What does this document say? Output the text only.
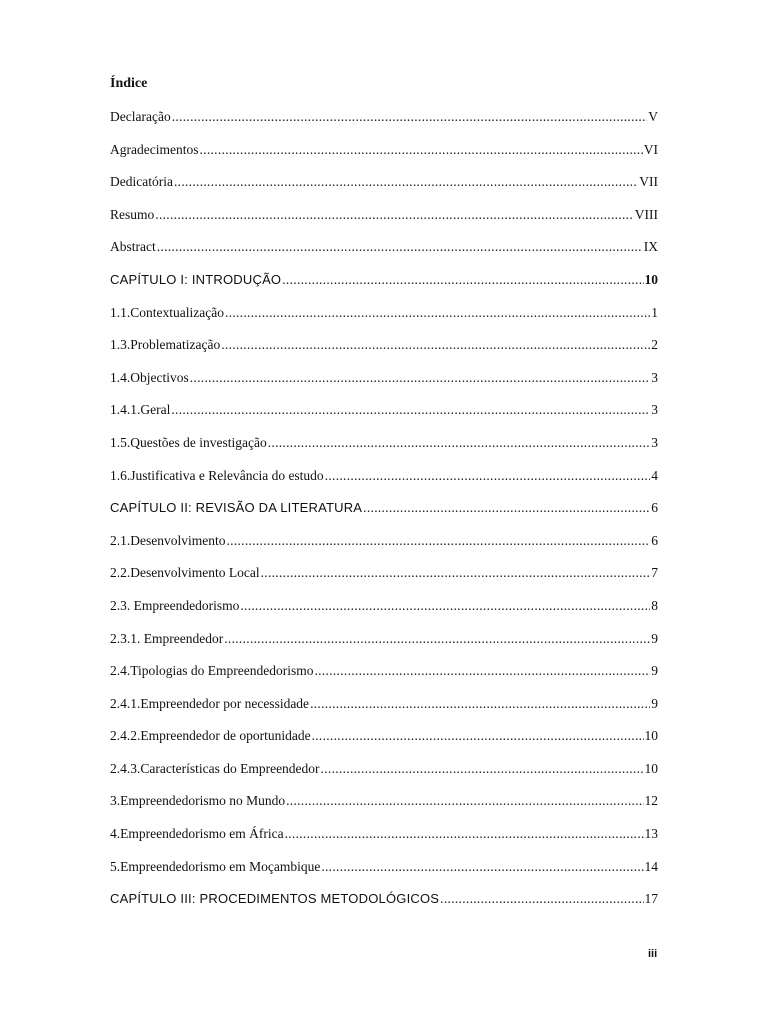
Índice
Declaração .....	V
Agradecimentos .....	VI
Dedicatória .....	VII
Resumo .....	VIII
Abstract .....	IX
CAPÍTULO I: INTRODUÇÃO .....	10
1.1.Contextualização .....	1
1.3.Problematização .....	2
1.4.Objectivos .....	3
1.4.1.Geral .....	3
1.5.Questões de investigação .....	3
1.6.Justificativa e Relevância do estudo .....	4
CAPÍTULO II: REVISÃO DA LITERATURA .....	6
2.1.Desenvolvimento .....	6
2.2.Desenvolvimento Local .....	7
2.3. Empreendedorismo .....	8
2.3.1. Empreendedor .....	9
2.4.Tipologias do Empreendedorismo .....	9
2.4.1.Empreendedor por necessidade .....	9
2.4.2.Empreendedor de oportunidade .....	10
2.4.3.Características do Empreendedor .....	10
3.Empreendedorismo no Mundo .....	12
4.Empreendedorismo em África .....	13
5.Empreendedorismo em Moçambique .....	14
CAPÍTULO III: PROCEDIMENTOS METODOLÓGICOS .....	17
iii
